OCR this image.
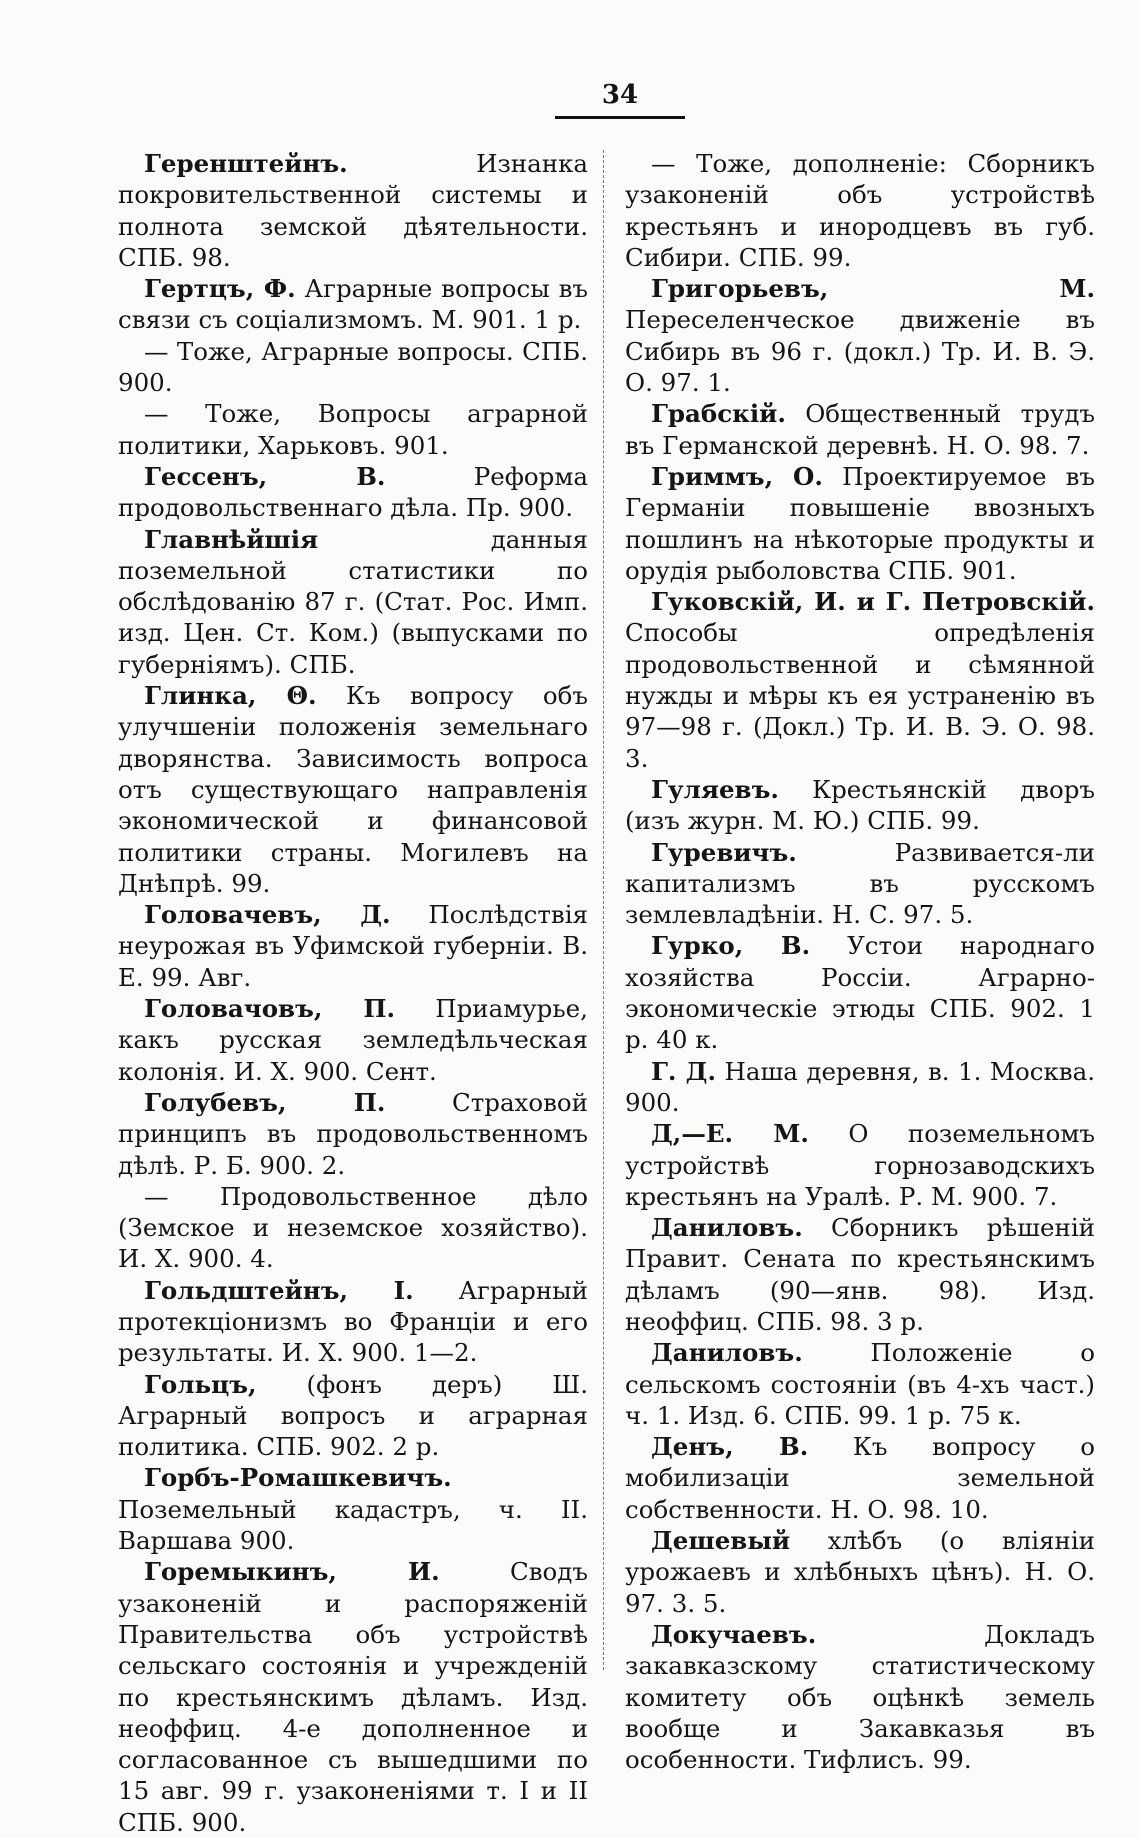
34

Геренштейнъ.	Изнанка покровительственной системы и полнота земской дѣятельности. СПБ. 98.

Гертцъ, Ф. Аграрные вопросы въ связи съ соціализмомъ. М. 901. 1 р.

— Тоже, Аграрные вопросы. СПБ. 900.

— Тоже, Вопросы аграрной политики, Харьковъ. 901.

Гессенъ, В.	Реформа продовольственнаго дѣла. Пр. 900.

Главнѣйшія	данныя поземельной статистики по обслѣдованію 87 г. (Стат. Рос. Имп. изд. Цен. Ст. Ком.) (выпусками по губерніямъ). СПБ.

Глинка, Θ. Къ вопросу объ улучшеніи положенія земельнаго дворянства. Зависимость вопроса отъ существующаго направленія экономической и финансовой политики страны. Могилевъ на Днѣпрѣ. 99.

Головачевъ, Д. Послѣдствія неурожая въ Уфимской губерніи. В. Е. 99. Авг.

Головачовъ, П. Приамурье, какъ русская земледѣльческая колонія. И. Х. 900. Сент.

Голубевъ, П.	Страховой принципъ въ продовольственномъ дѣлѣ. Р. Б. 900. 2.

— Продовольственное дѣло (Земское и неземское хозяйство). И. Х. 900. 4.

Гольдштейнъ, І. Аграрный протекціонизмъ во Франціи и его результаты. И. Х. 900. 1—2.

Гольцъ, (фонъ деръ) Ш. Аграрный вопросъ и аграрная политика. СПБ. 902. 2 р.

Горбъ-Ромашкевичъ. Поземельный кадастръ, ч. II. Варшава 900.

Горемыкинъ, И.	Сводъ узаконеній и распоряженій Правительства объ устройствѣ сельскаго состоянія и учрежденій по крестьянскимъ дѣламъ. Изд. неоффиц. 4-е дополненное и согласованное съ вышедшими по 15 авг. 99 г. узаконеніями т. I и II СПБ. 900.

— Тоже, дополненіе: Сборникъ узаконеній объ устройствѣ крестьянъ и инородцевъ въ губ. Сибири. СПБ. 99.

Григорьевъ, М. Переселенческое движеніе въ Сибирь въ 96 г. (докл.) Тр. И. В. Э. О. 97. 1.

Грабскій. Общественный трудъ въ Германской деревнѣ. Н. О. 98. 7.

Гриммъ, О. Проектируемое въ Германіи повышеніе ввозныхъ пошлинъ на нѣкоторые продукты и орудія рыболовства СПБ. 901.

Гуковскій, И. и Г. Петровскій. Способы опредѣленія продовольственной и сѣмянной нужды и мѣры къ ея устраненію въ 97—98 г. (Докл.) Тр. И. В. Э. О. 98. 3.

Гуляевъ. Крестьянскій дворъ (изъ журн. М. Ю.) СПБ. 99.

Гуревичъ.	Развивается-ли капитализмъ въ русскомъ землевладѣніи. Н. С. 97. 5.

Гурко, В. Устои народнаго хозяйства Россіи. Аграрно-экономическіе этюды СПБ. 902. 1 р. 40 к.

Г. Д. Наша деревня, в. 1. Москва. 900.

Д,—Е. М. О поземельномъ устройствѣ горнозаводскихъ крестьянъ на Уралѣ. Р. М. 900. 7.

Даниловъ. Сборникъ рѣшеній Правит. Сената по крестьянскимъ дѣламъ (90—янв. 98). Изд. неоффиц. СПБ. 98. 3 р.

Даниловъ.	Положеніе о сельскомъ состояніи (въ 4-хъ част.) ч. 1. Изд. 6. СПБ. 99. 1 р. 75 к.

Денъ, В. Къ вопросу о мобилизаціи земельной собственности. Н. О. 98. 10.

Дешевый хлѣбъ (о вліяніи урожаевъ и хлѣбныхъ цѣнъ). Н. О. 97. 3. 5.

Докучаевъ.	Докладъ закавказскому статистическому комитету объ оцѣнкѣ земель вообще и Закавказья въ особенности. Тифлисъ. 99.
